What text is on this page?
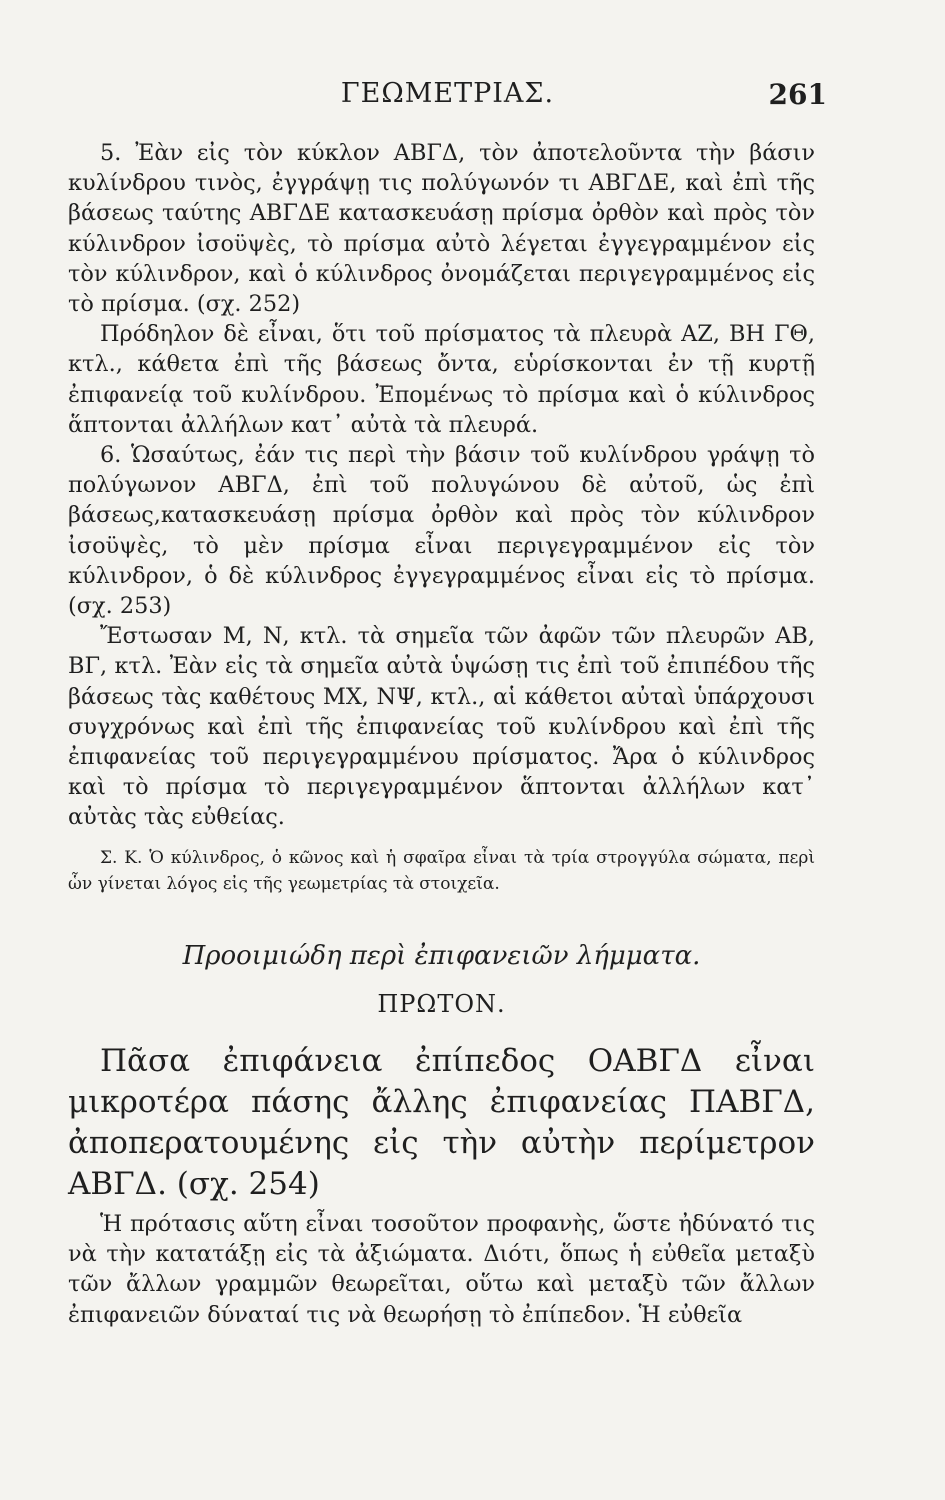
ΓΕΩΜΕΤΡΙΑΣ.	261

5. Ἐὰν εἰς τὸν κύκλον ΑΒΓΔ, τὸν ἀποτελοῦντα τὴν βάσιν κυλίνδρου τινὸς, ἐγγράψῃ τις πολύγωνόν τι ΑΒΓΔΕ, καὶ ἐπὶ τῆς βάσεως ταύτης ΑΒΓΔΕ κατασκευάσῃ πρίσμα ὀρθὸν καὶ πρὸς τὸν κύλινδρον ἰσοϋψὲς, τὸ πρίσμα αὐτὸ λέγεται ἐγγεγραμμένον εἰς τὸν κύλινδρον, καὶ ὁ κύλινδρος ὀνομάζεται περιγεγραμμένος εἰς τὸ πρίσμα. (σχ. 252)

Πρόδηλον δὲ εἶναι, ὅτι τοῦ πρίσματος τὰ πλευρὰ ΑΖ, ΒΗ ΓΘ, κτλ., κάθετα ἐπὶ τῆς βάσεως ὄντα, εὑρίσκονται ἐν τῇ κυρτῇ ἐπιφανείᾳ τοῦ κυλίνδρου. Ἐπομένως τὸ πρίσμα καὶ ὁ κύλινδρος ἅπτονται ἀλλήλων κατ᾽ αὐτὰ τὰ πλευρά.

6. Ὡσαύτως, ἐάν τις περὶ τὴν βάσιν τοῦ κυλίνδρου γράψῃ τὸ πολύγωνον ΑΒΓΔ, ἐπὶ τοῦ πολυγώνου δὲ αὐτοῦ, ὡς ἐπὶ βάσεως,κατασκευάσῃ πρίσμα ὀρθὸν καὶ πρὸς τὸν κύλινδρον ἰσοϋψὲς, τὸ μὲν πρίσμα εἶναι περιγεγραμμένον εἰς τὸν κύλινδρον, ὁ δὲ κύλινδρος ἐγγεγραμμένος εἶναι εἰς τὸ πρίσμα. (σχ. 253)

Ἔστωσαν Μ, Ν, κτλ. τὰ σημεῖα τῶν ἀφῶν τῶν πλευρῶν ΑΒ, ΒΓ, κτλ. Ἐὰν εἰς τὰ σημεῖα αὐτὰ ὑψώσῃ τις ἐπὶ τοῦ ἐπιπέδου τῆς βάσεως τὰς καθέτους ΜΧ, ΝΨ, κτλ., αἱ κάθετοι αὐταὶ ὑπάρχουσι συγχρόνως καὶ ἐπὶ τῆς ἐπιφανείας τοῦ κυλίνδρου καὶ ἐπὶ τῆς ἐπιφανείας τοῦ περιγεγραμμένου πρίσματος. Ἄρα ὁ κύλινδρος καὶ τὸ πρίσμα τὸ περιγεγραμμένον ἅπτονται ἀλλήλων κατ᾽ αὐτὰς τὰς εὐθείας.

Σ. Κ. Ὁ κύλινδρος, ὁ κῶνος καὶ ἡ σφαῖρα εἶναι τὰ τρία στρογγύλα σώματα, περὶ ὧν γίνεται λόγος εἰς τῆς γεωμετρίας τὰ στοιχεῖα.

Προοιμιώδη περὶ ἐπιφανειῶν λήμματα.

ΠΡΩΤΟΝ.

Πᾶσα ἐπιφάνεια ἐπίπεδος ΟΑΒΓΔ εἶναι μικροτέρα πάσης ἄλλης ἐπιφανείας ΠΑΒΓΔ, ἀποπερατουμένης εἰς τὴν αὐτὴν περίμετρον ΑΒΓΔ. (σχ. 254)

Ἡ πρότασις αὕτη εἶναι τοσοῦτον προφανὴς, ὥστε ἠδύνατό τις νὰ τὴν κατατάξῃ εἰς τὰ ἀξιώματα. Διότι, ὅπως ἡ εὐθεῖα μεταξὺ τῶν ἄλλων γραμμῶν θεωρεῖται, οὕτω καὶ μεταξὺ τῶν ἄλλων ἐπιφανειῶν δύναταί τις νὰ θεωρήσῃ τὸ ἐπίπεδον. Ἡ εὐθεῖα
